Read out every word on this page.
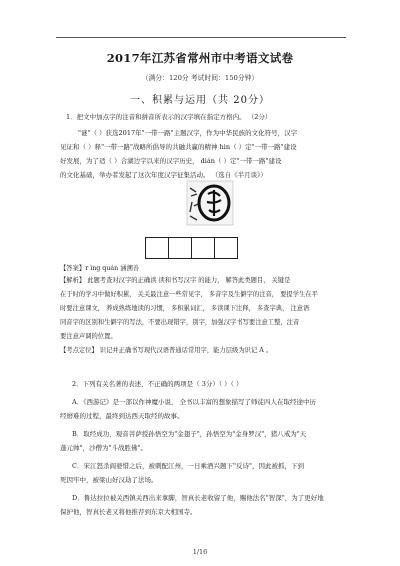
2017年江苏省常州市中考语文试卷
（满分：120分 考试时间：150分钟）
一、积累与运用（共 20分）
1．把文中加点字的注音和拼音所表示的汉字填在指定方格内。 （2分）
"谜"（ ）获选2017年"一带一路"主题汉字，作为中华民族的文化符号，汉字
见证和（ ）释"一带一路"战略所倡导的共融共赢的精神 hin（ ）定"一带一路"建设
好发展，为了适（ ）合湖边字以来的汉字历史， dián（ ）定"一带一路"建设
的文化基础，举办者发起了这次年度汉字征集活动。 （选自《半月谈》）
【答案】r ìng quán 涵溯善
【解析】 此题考查对汉字的正确读 读和书写汉字 的能力， 解答此类题目， 关键是
在于时的学习中做好积累， 关关最注意一些常见字， 多音字及生僻字的注音， 要提学生在平
时要注意课文， 养成熟练地读的习惯， 多积累词汇， 多读课下注释， 多查字典， 注意语
同音字的区别和生僻字的写法，不要出现错字，别字，加强汉字书写要注意工整，注音
要注意声调的位置。
【考点定位】 识记并正确书写现代汉语普通话常用字，能力层级为识记 A 。
2．下列有关名著的表述，不正确的两项是（ 3分）（ ）（ ）
A．《西游记》是一部以作神魔小说， 全书以丰富的想象描写了师徒四人在取经途中历
经磨难的过程，最终到达西天取经的故事。
B．取经成功，观音菩萨授孙悟空为"金翅子"，孙悟空为"金身罗汉"，猪八戒为"天
蓬元帅"，沙僧为"斗战胜佛"。
C．宋江怒杀阎婆惜之后，被刺配江州，一日乘酒兴题下"反诗"，因此被抓，下到
死因牢中，被梁山好汉劫了法场。
D．鲁达拉拉被关西镇关西出来拿脚，智真长老收留了他，赐他法名"智深"，为了更好地
保护他，智真长老又将他推荐到东京大相国寺。
1/16
